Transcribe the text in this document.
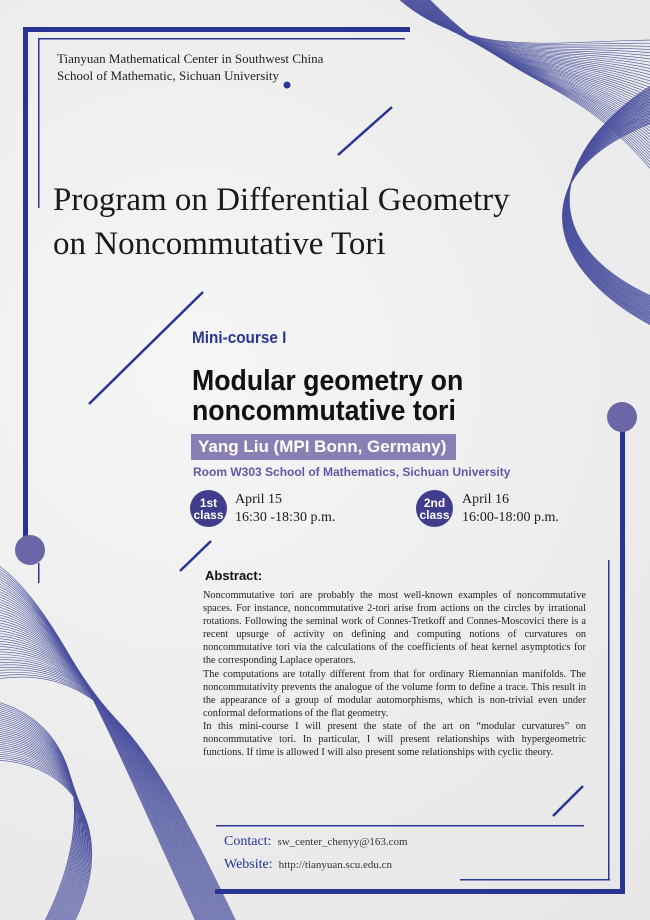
Tianyuan Mathematical Center in Southwest China
School of Mathematic, Sichuan University
Program on Differential Geometry
on Noncommutative Tori
Mini-course I
Modular geometry on
noncommutative tori
Yang Liu (MPI Bonn, Germany)
Room W303 School of Mathematics, Sichuan University
1st
class
April 15
16:30 -18:30 p.m.
2nd
class
April 16
16:00-18:00 p.m.
Abstract:

Noncommutative tori are probably the most well-known examples of noncommutative spaces. For instance, noncommutative 2-tori arise from actions on the circles by irrational rotations. Following the seminal work of Connes-Tretkoff and Connes-Moscovici there is a recent upsurge of activity on defining and computing notions of curvatures on noncommutative tori via the calculations of the coefficients of heat kernel asymptotics for the corresponding Laplace operators.

The computations are totally different from that for ordinary Riemannian manifolds. The noncommutativity prevents the analogue of the volume form to define a trace. This result in the appearance of a group of modular automorphisms, which is non-trivial even under conformal deformations of the flat geometry.

In this mini-course I will present the state of the art on “modular curvatures” on noncommutative tori. In particular, I will present relationships with hypergeometric functions. If time is allowed I will also present some relationships with cyclic theory.

Contact: sw_center_chenyy@163.com
Website: http://tianyuan.scu.edu.cn
